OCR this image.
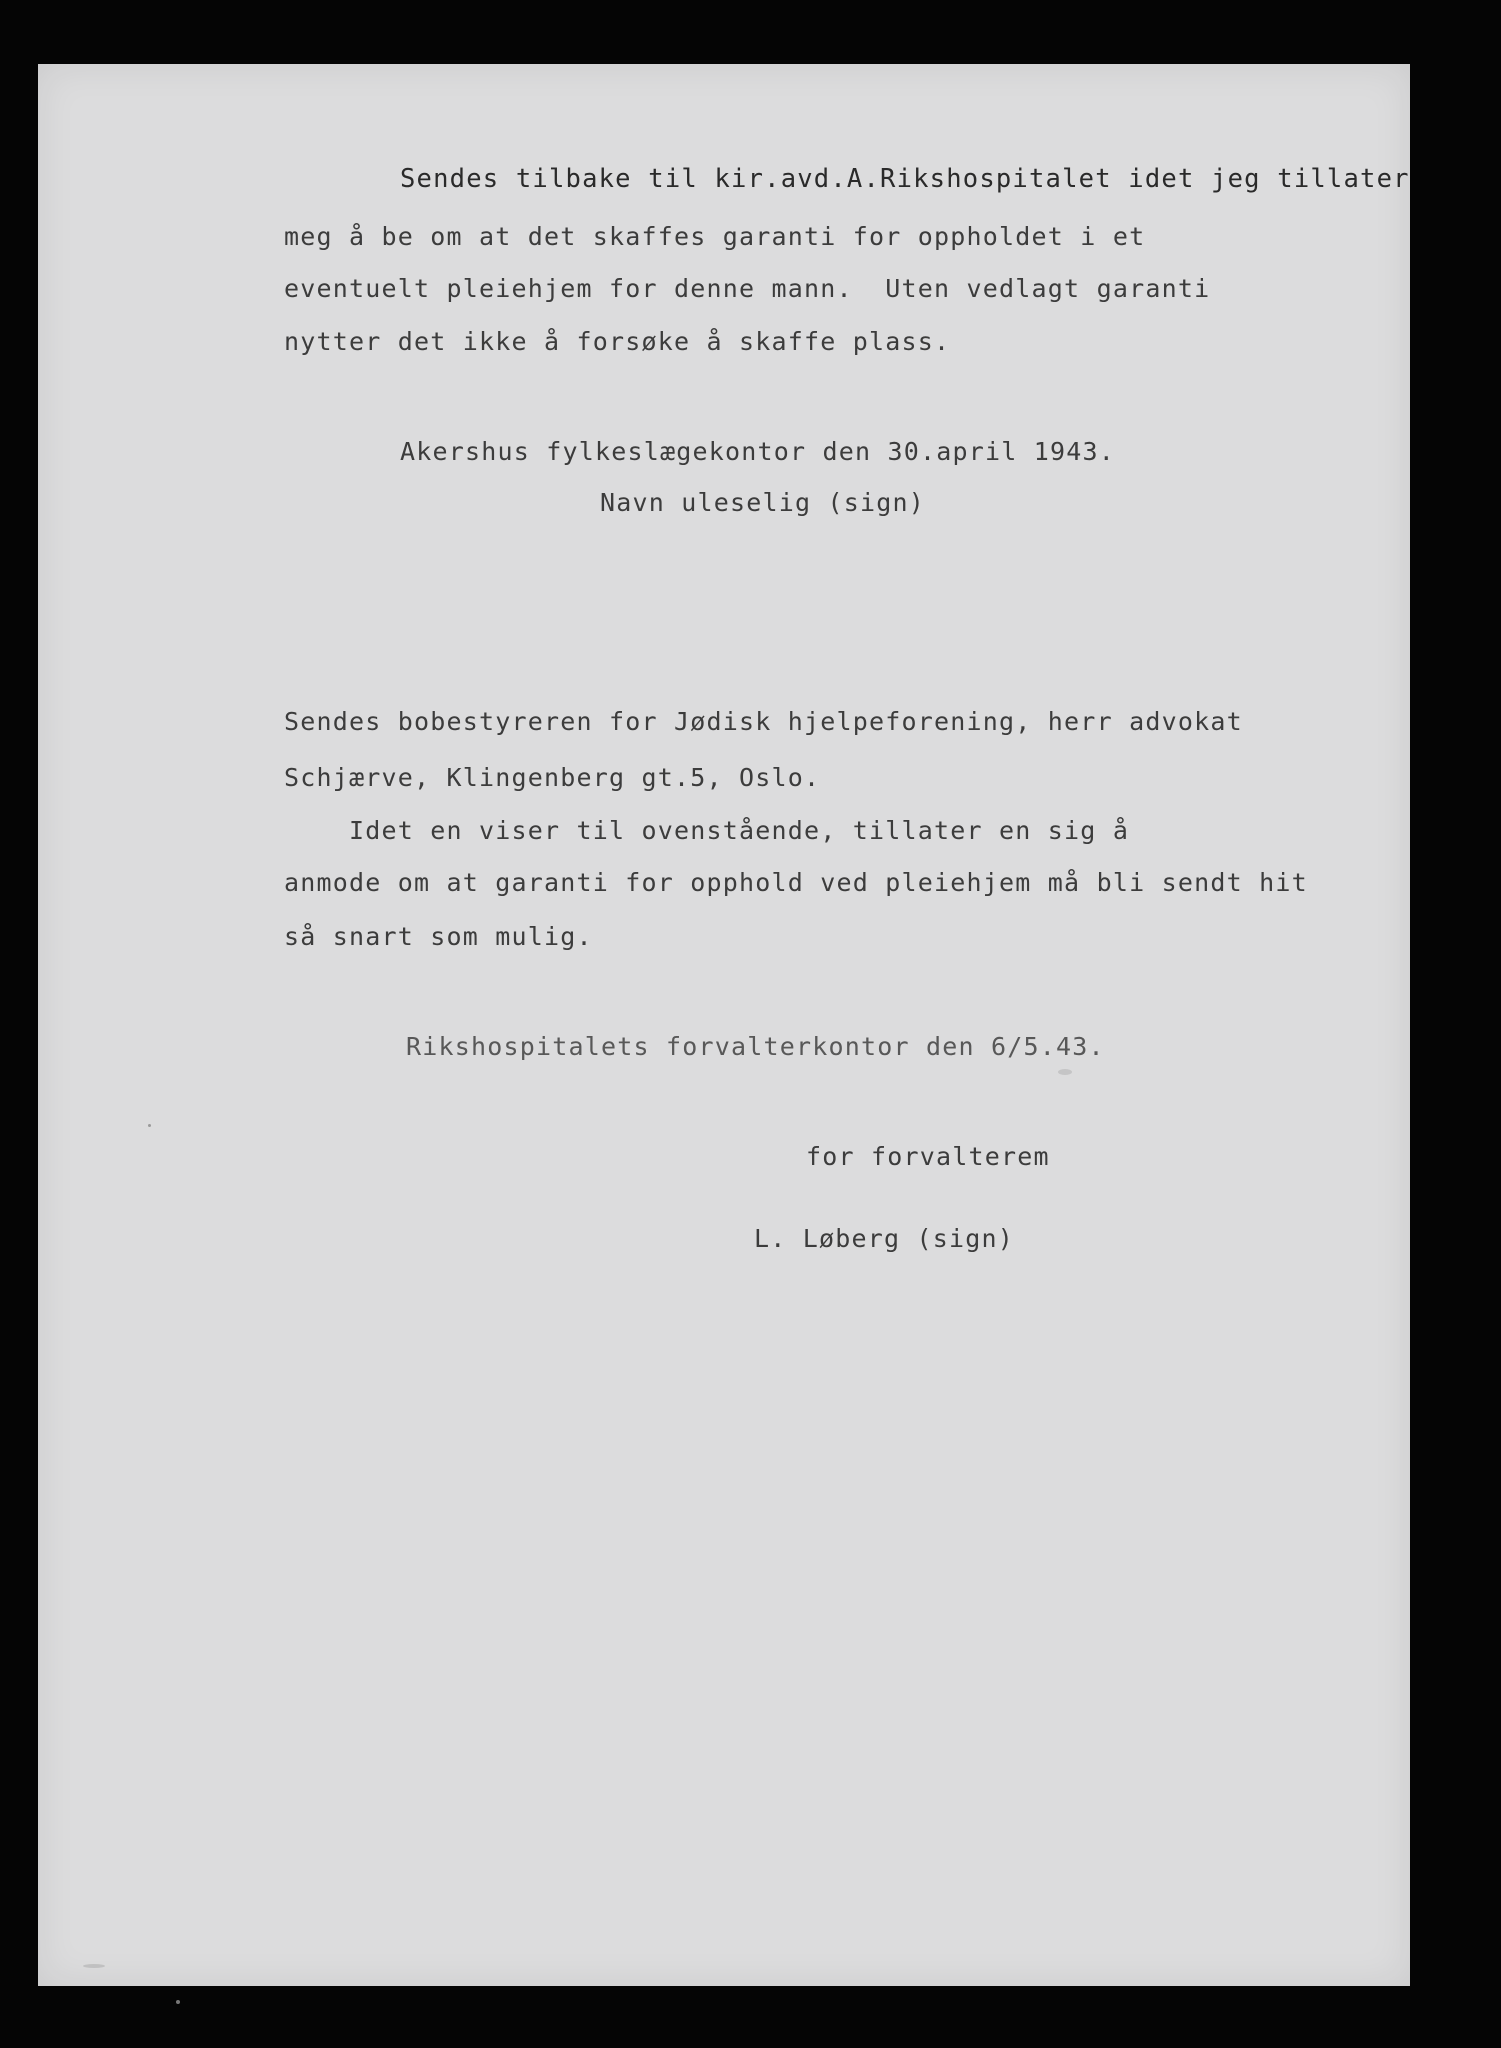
Sendes tilbake til kir.avd.A.Rikshospitalet idet jeg tillater
meg å be om at det skaffes garanti for oppholdet i et
eventuelt pleiehjem for denne mann.  Uten vedlagt garanti
nytter det ikke å forsøke å skaffe plass.
Akershus fylkeslægekontor den 30.april 1943.
Navn uleselig (sign)
Sendes bobestyreren for Jødisk hjelpeforening, herr advokat
Schjærve, Klingenberg gt.5, Oslo.
Idet en viser til ovenstående, tillater en sig å
anmode om at garanti for opphold ved pleiehjem må bli sendt hit
så snart som mulig.
Rikshospitalets forvalterkontor den 6/5.43.
for forvalterem
L. Løberg (sign)
